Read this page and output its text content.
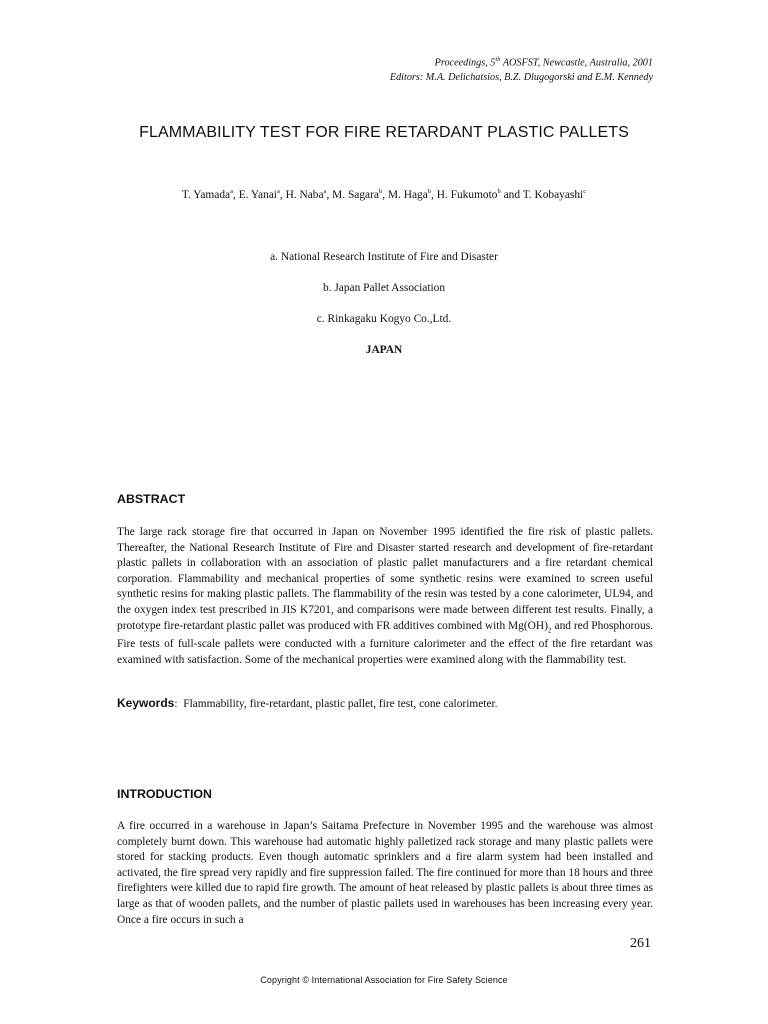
Proceedings, 5th AOSFST, Newcastle, Australia, 2001
Editors: M.A. Delichatsios, B.Z. Dlugogorski and E.M. Kennedy
FLAMMABILITY TEST FOR FIRE RETARDANT PLASTIC PALLETS
T. Yamada$^a$, E. Yanai$^a$, H. Naba$^a$, M. Sagara$^b$, M. Haga$^b$, H. Fukumoto$^b$ and T. Kobayashi$^c$
a. National Research Institute of Fire and Disaster
b. Japan Pallet Association
c. Rinkagaku Kogyo Co.,Ltd.
JAPAN
ABSTRACT

The large rack storage fire that occurred in Japan on November 1995 identified the fire risk of plastic pallets. Thereafter, the National Research Institute of Fire and Disaster started research and development of fire-retardant plastic pallets in collaboration with an association of plastic pallet manufacturers and a fire retardant chemical corporation. Flammability and mechanical properties of some synthetic resins were examined to screen useful synthetic resins for making plastic pallets. The flammability of the resin was tested by a cone calorimeter, UL94, and the oxygen index test prescribed in JIS K7201, and comparisons were made between different test results. Finally, a prototype fire-retardant plastic pallet was produced with FR additives combined with $Mg(OH)_2$ and red Phosphorous. Fire tests of full-scale pallets were conducted with a furniture calorimeter and the effect of the fire retardant was examined with satisfaction. Some of the mechanical properties were examined along with the flammability test.

Keywords: Flammability, fire-retardant, plastic pallet, fire test, cone calorimeter.
INTRODUCTION

A fire occurred in a warehouse in Japan’s Saitama Prefecture in November 1995 and the warehouse was almost completely burnt down. This warehouse had automatic highly palletized rack storage and many plastic pallets were stored for stacking products. Even though automatic sprinklers and a fire alarm system had been installed and activated, the fire spread very rapidly and fire suppression failed. The fire continued for more than 18 hours and three firefighters were killed due to rapid fire growth. The amount of heat released by plastic pallets is about three times as large as that of wooden pallets, and the number of plastic pallets used in warehouses has been increasing every year. Once a fire occurs in such a

261
Copyright © International Association for Fire Safety Science
